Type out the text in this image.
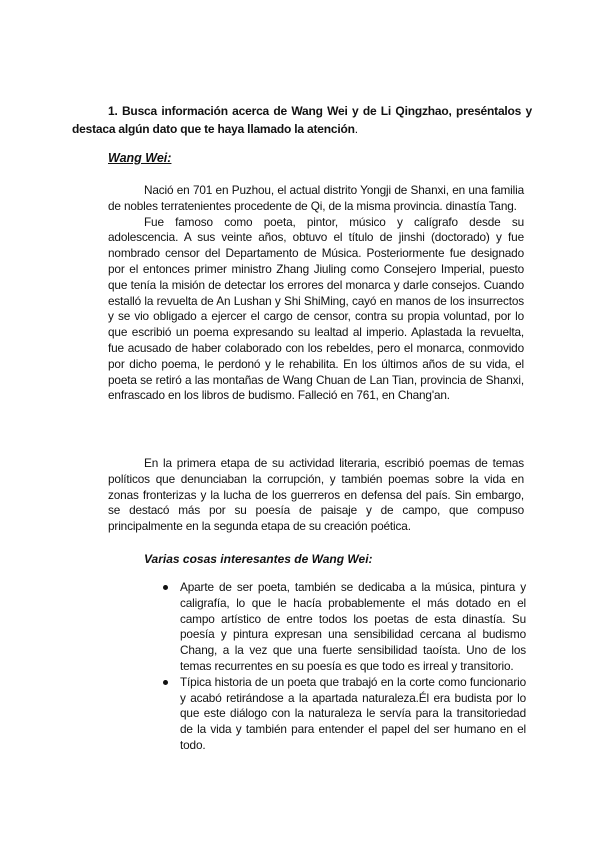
1. Busca información acerca de Wang Wei y de Li Qingzhao, preséntalos y destaca algún dato que te haya llamado la atención.
Wang Wei:

Nació en 701 en Puzhou, el actual distrito Yongji de Shanxi, en una familia de nobles terratenientes procedente de Qi, de la misma provincia. dinastía Tang.

Fue famoso como poeta, pintor, músico y calígrafo desde su adolescencia. A sus veinte años, obtuvo el título de jinshi (doctorado) y fue nombrado censor del Departamento de Música. Posteriormente fue designado por el entonces primer ministro Zhang Jiuling como Consejero Imperial, puesto que tenía la misión de detectar los errores del monarca y darle consejos. Cuando estalló la revuelta de An Lushan y Shi ShiMing, cayó en manos de los insurrectos y se vio obligado a ejercer el cargo de censor, contra su propia voluntad, por lo que escribió un poema expresando su lealtad al imperio. Aplastada la revuelta, fue acusado de haber colaborado con los rebeldes, pero el monarca, conmovido por dicho poema, le perdonó y le rehabilita. En los últimos años de su vida, el poeta se retiró a las montañas de Wang Chuan de Lan Tian, provincia de Shanxi, enfrascado en los libros de budismo. Falleció en 761, en Chang'an.

En la primera etapa de su actividad literaria, escribió poemas de temas políticos que denunciaban la corrupción, y también poemas sobre la vida en zonas fronterizas y la lucha de los guerreros en defensa del país. Sin embargo, se destacó más por su poesía de paisaje y de campo, que compuso principalmente en la segunda etapa de su creación poética.

Varias cosas interesantes de Wang Wei:
Aparte de ser poeta, también se dedicaba a la música, pintura y caligrafía, lo que le hacía probablemente el más dotado en el campo artístico de entre todos los poetas de esta dinastía. Su poesía y pintura expresan una sensibilidad cercana al budismo Chang, a la vez que una fuerte sensibilidad taoísta. Uno de los temas recurrentes en su poesía es que todo es irreal y transitorio.
Típica historia de un poeta que trabajó en la corte como funcionario y acabó retirándose a la apartada naturaleza.Él era budista por lo que este diálogo con la naturaleza le servía para la transitoriedad de la vida y también para entender el papel del ser humano en el todo.
